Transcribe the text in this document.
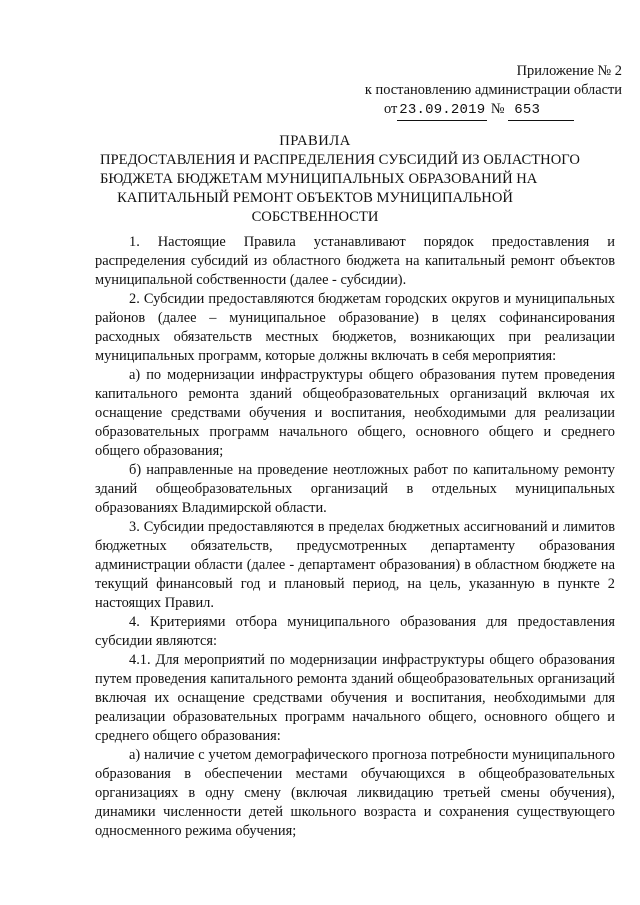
Приложение № 2
к постановлению администрации области
от 23.09.2019 № 653
ПРАВИЛА
ПРЕДОСТАВЛЕНИЯ И РАСПРЕДЕЛЕНИЯ СУБСИДИЙ ИЗ ОБЛАСТНОГО
БЮДЖЕТА БЮДЖЕТАМ МУНИЦИПАЛЬНЫХ ОБРАЗОВАНИЙ НА
КАПИТАЛЬНЫЙ РЕМОНТ ОБЪЕКТОВ МУНИЦИПАЛЬНОЙ
СОБСТВЕННОСТИ

1. Настоящие Правила устанавливают порядок предоставления и распределения субсидий из областного бюджета на капитальный ремонт объектов муниципальной собственности (далее - субсидии).

2. Субсидии предоставляются бюджетам городских округов и муниципальных районов (далее – муниципальное образование) в целях софинансирования расходных обязательств местных бюджетов, возникающих при реализации муниципальных программ, которые должны включать в себя мероприятия:

а) по модернизации инфраструктуры общего образования путем проведения капитального ремонта зданий общеобразовательных организаций включая их оснащение средствами обучения и воспитания, необходимыми для реализации образовательных программ начального общего, основного общего и среднего общего образования;

б) направленные на проведение неотложных работ по капитальному ремонту зданий общеобразовательных организаций в отдельных муниципальных образованиях Владимирской области.

3. Субсидии предоставляются в пределах бюджетных ассигнований и лимитов бюджетных обязательств, предусмотренных департаменту образования администрации области (далее - департамент образования) в областном бюджете на текущий финансовый год и плановый период, на цель, указанную в пункте 2 настоящих Правил.

4. Критериями отбора муниципального образования для предоставления субсидии являются:

4.1. Для мероприятий по модернизации инфраструктуры общего образования путем проведения капитального ремонта зданий общеобразовательных организаций включая их оснащение средствами обучения и воспитания, необходимыми для реализации образовательных программ начального общего, основного общего и среднего общего образования:

а) наличие с учетом демографического прогноза потребности муниципального образования в обеспечении местами обучающихся в общеобразовательных организациях в одну смену (включая ликвидацию третьей смены обучения), динамики численности детей школьного возраста и сохранения существующего односменного режима обучения;
